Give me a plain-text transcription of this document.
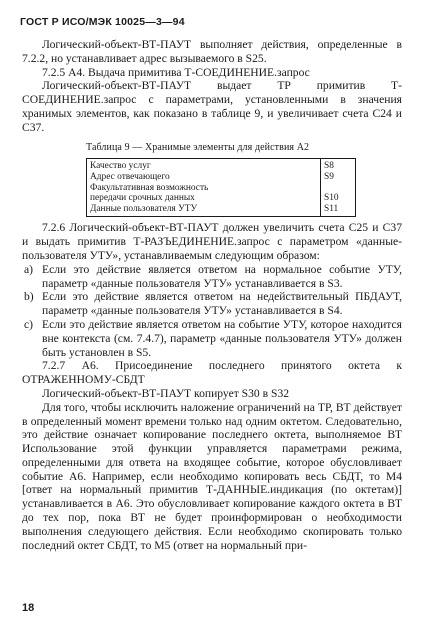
ГОСТ Р ИСО/МЭК 10025—3—94

Логический-объект-ВТ-ПАУТ выполняет действия, определенные в 7.2.2, но устанавливает адрес вызываемого в S25.

7.2.5 А4. Выдача примитива Т-СОЕДИНЕНИЕ.запрос

Логический-объект-ВТ-ПАУТ выдает ТР примитив Т-СОЕДИНЕНИЕ.запрос с параметрами, установленными в значения хранимых элементов, как показано в таблице 9, и увеличивает счета С24 и С37.

Таблица 9 — Хранимые элементы для действия А2
Качество услуг	S8
Адрес отвечающего	S9
Факультативная возможность	
передачи срочных данных	S10
Данные пользователя УТУ	S11

7.2.6 Логический-объект-ВТ-ПАУТ должен увеличить счета С25 и С37 и выдать примитив Т-РАЗЪЕДИНЕНИЕ.запрос с параметром «данные-пользователя УТУ», устанавливаемым следующим образом:

a) Если это действие является ответом на нормальное событие УТУ, параметр «данные пользователя УТУ» устанавливается в S3.
b) Если это действие является ответом на недействительный ПБДАУТ, параметр «данные пользователя УТУ» устанавливается в S4.
c) Если это действие является ответом на событие УТУ, которое находится вне контекста (см. 7.4.7), параметр «данные пользователя УТУ» должен быть установлен в S5.

7.2.7 А6. Присоединение последнего принятого октета к ОТРАЖЕННОМУ-СБДТ

Логический-объект-ВТ-ПАУТ копирует S30 в S32

Для того, чтобы исключить наложение ограничений на ТР, ВТ действует в определенный момент времени только над одним октетом. Следовательно, это действие означает копирование последнего октета, выполняемое ВТ Использование этой функции управляется параметрами режима, определенными для ответа на входящее событие, которое обусловливает событие А6. Например, если необходимо копировать весь СБДТ, то М4 [ответ на нормальный примитив Т-ДАННЫЕ.индикация (по октетам)] устанавливается в А6. Это обусловливает копирование каждого октета в ВТ до тех пор, пока ВТ не будет проинформирован о необходимости выполнения следующего действия. Если необходимо скопировать только последний октет СБДТ, то М5 (ответ на нормальный при-

18
